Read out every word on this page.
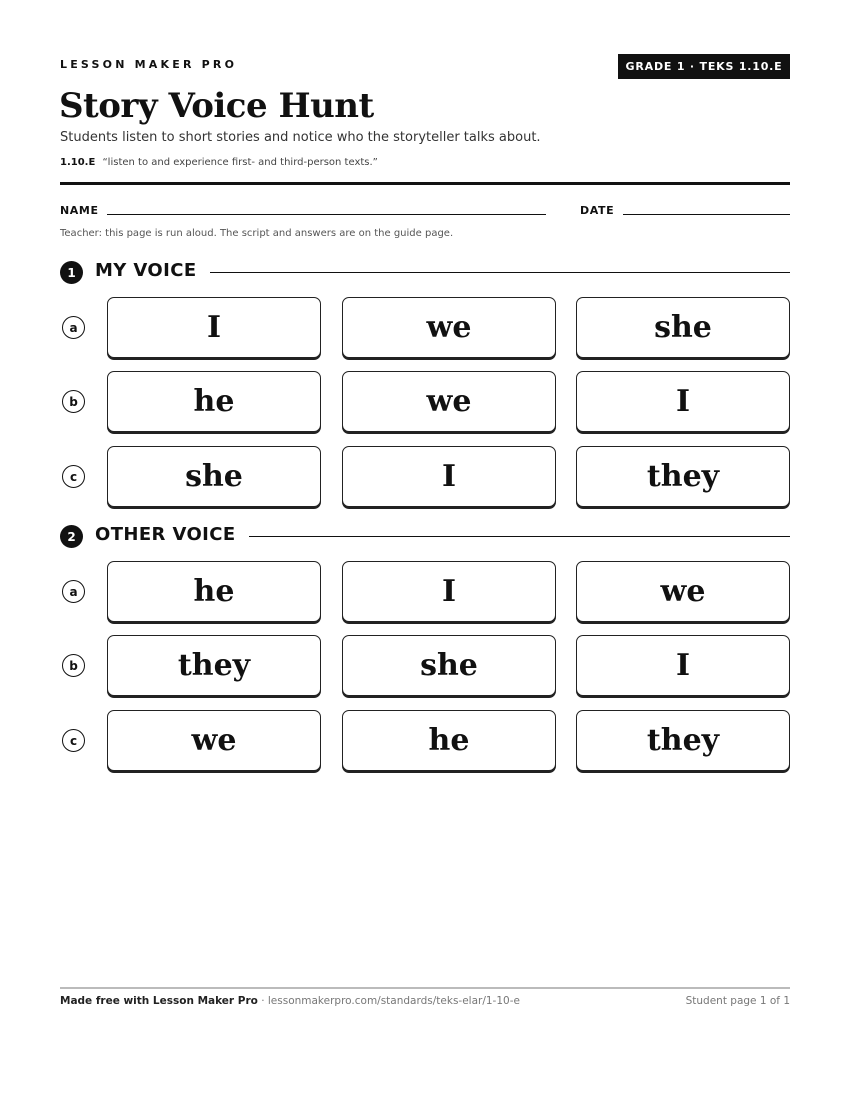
LESSON MAKER PRO	GRADE 1 · TEKS 1.10.E
Story Voice Hunt
Students listen to short stories and notice who the storyteller talks about.
1.10.E “listen to and experience first- and third-person texts.”
NAME	DATE
Teacher: this page is run aloud. The script and answers are on the guide page.
1	MY VOICE
a	I	we	she
b	he	we	I
c	she	I	they
2	OTHER VOICE
a	he	I	we
b	they	she	I
c	we	he	they
Made free with Lesson Maker Pro · lessonmakerpro.com/standards/teks-elar/1-10-e	Student page 1 of 1
